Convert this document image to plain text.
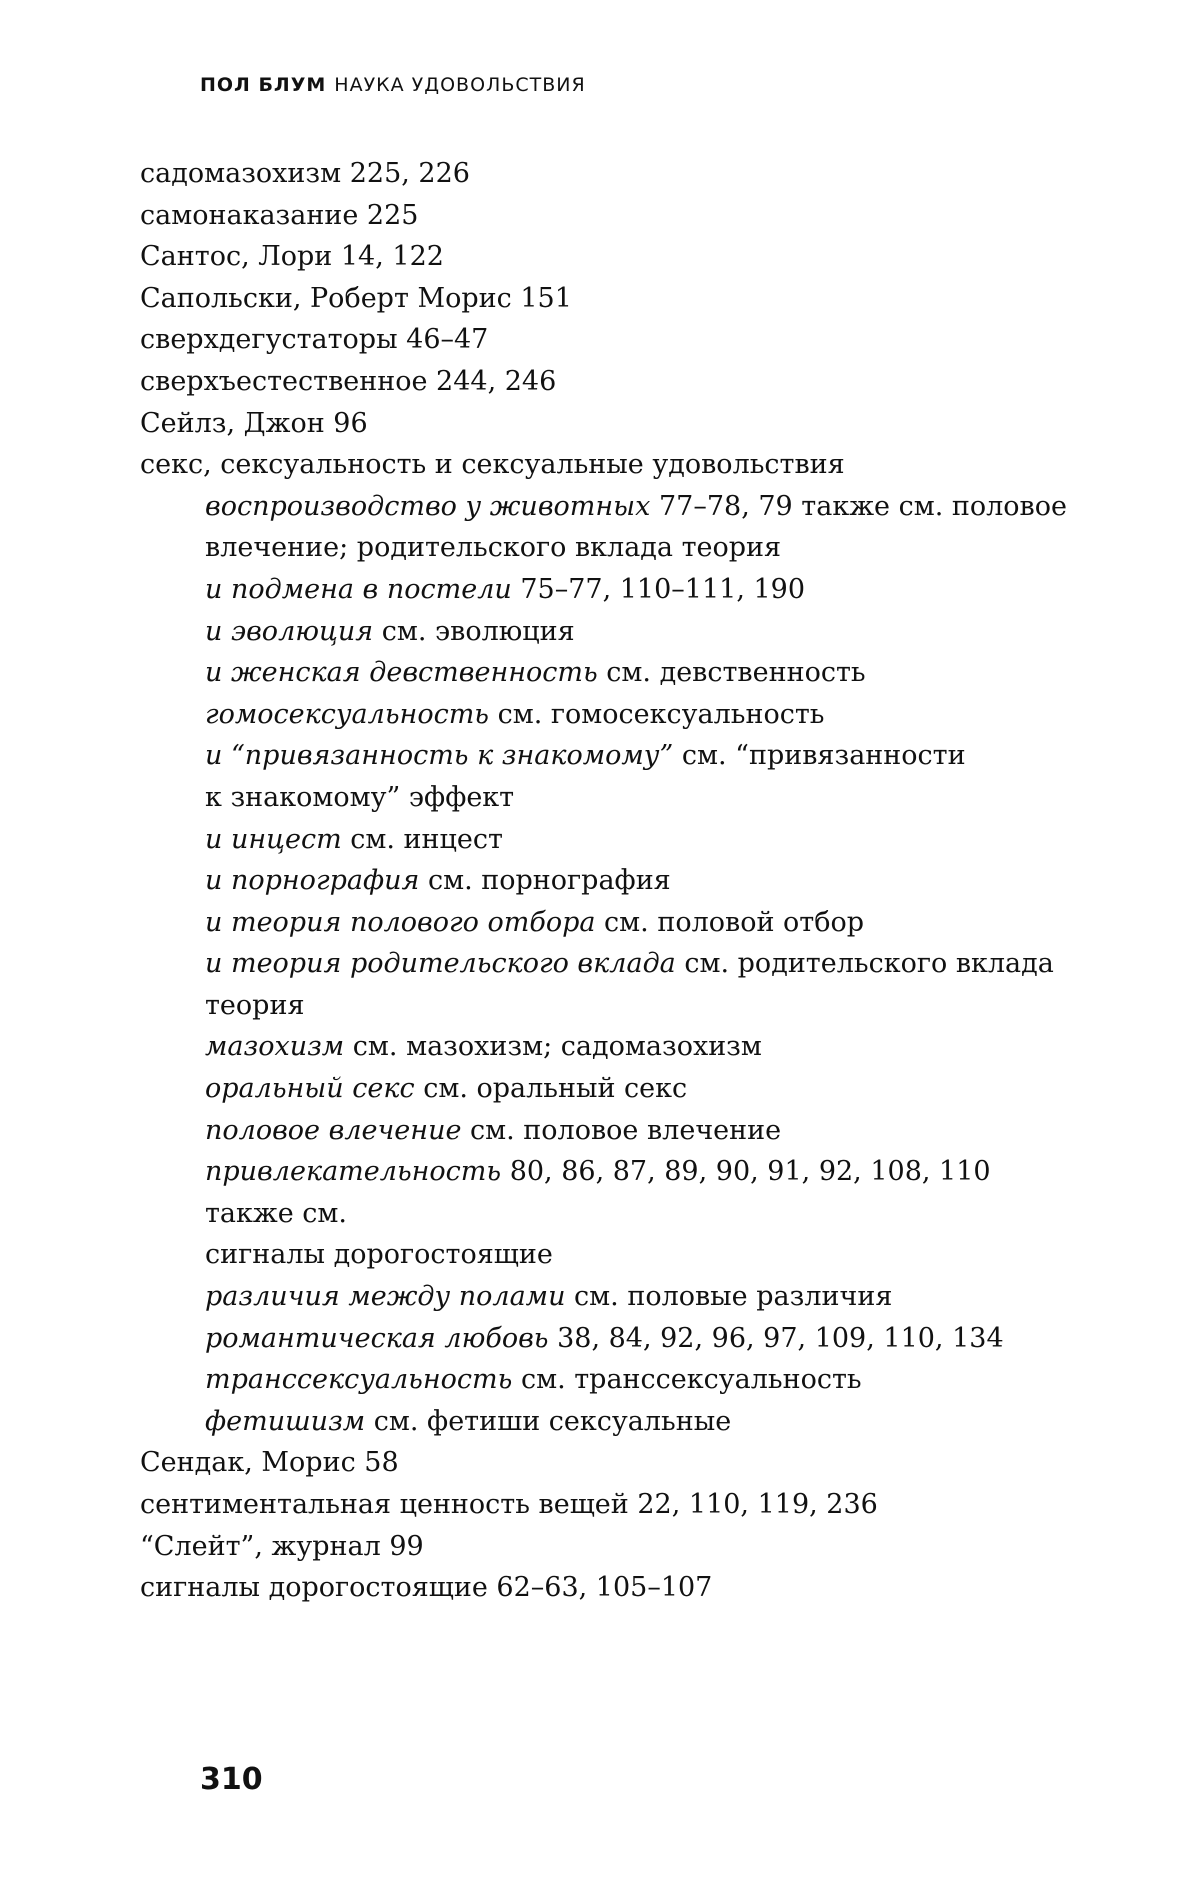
ПОЛ БЛУМ НАУКА УДОВОЛЬСТВИЯ
садомазохизм 225, 226
самонаказание 225
Сантос, Лори 14, 122
Сапольски, Роберт Морис 151
сверхдегустаторы 46–47
сверхъестественное 244, 246
Сейлз, Джон 96
секс, сексуальность и сексуальные удовольствия
воспроизводство у животных 77–78, 79 также см. половое
влечение; родительского вклада теория
и подмена в постели 75–77, 110–111, 190
и эволюция см. эволюция
и женская девственность см. девственность
гомосексуальность см. гомосексуальность
и “привязанность к знакомому” см. “привязанности
к знакомому” эффект
и инцест см. инцест
и порнография см. порнография
и теория полового отбора см. половой отбор
и теория родительского вклада см. родительского вклада
теория
мазохизм см. мазохизм; садомазохизм
оральный секс см. оральный секс
половое влечение см. половое влечение
привлекательность 80, 86, 87, 89, 90, 91, 92, 108, 110 также см.
сигналы дорогостоящие
различия между полами см. половые различия
романтическая любовь 38, 84, 92, 96, 97, 109, 110, 134
транссексуальность см. транссексуальность
фетишизм см. фетиши сексуальные
Сендак, Морис 58
сентиментальная ценность вещей 22, 110, 119, 236
“Слейт”, журнал 99
сигналы дорогостоящие 62–63, 105–107
310
